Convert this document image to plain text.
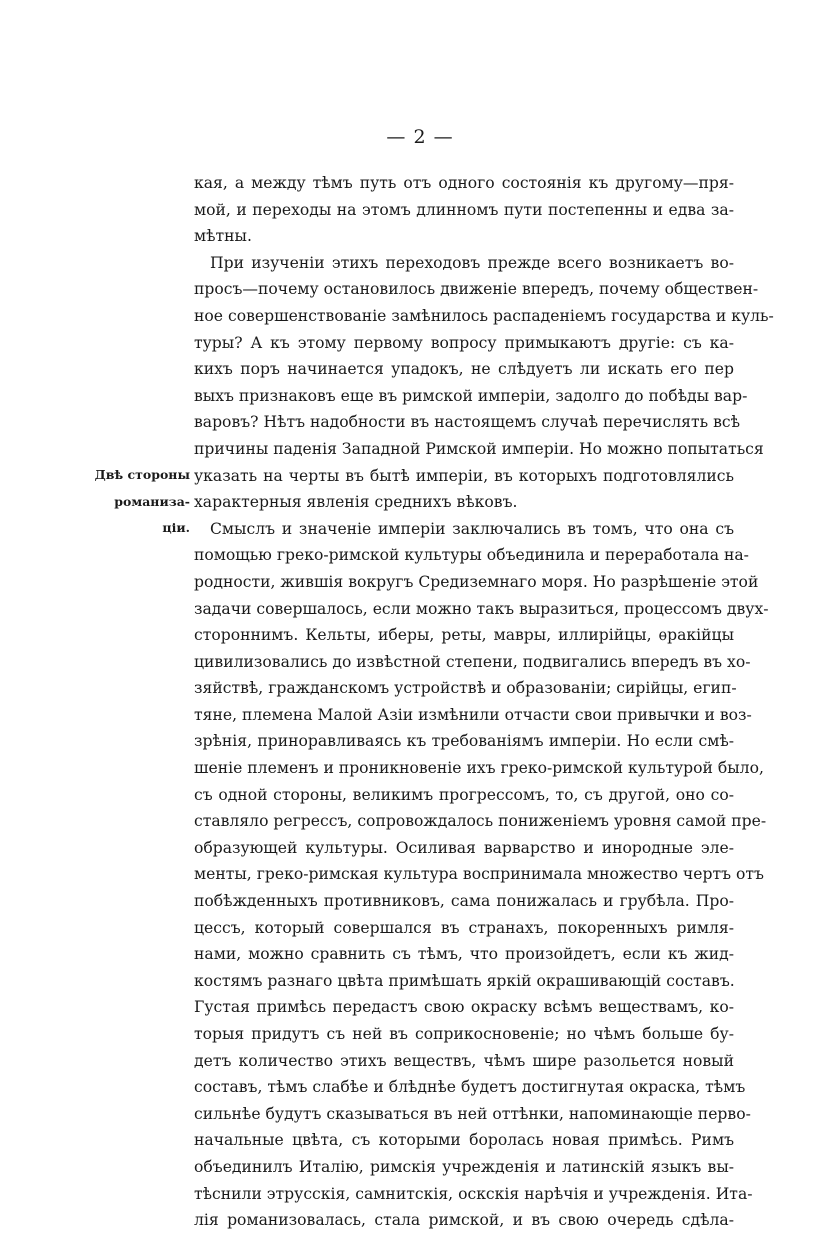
— 2 —
Двѣ стороны
романиза-
ціи.
кая, а между тѣмъ путь отъ одного состоянія къ другому—пря-
мой, и переходы на этомъ длинномъ пути постепенны и едва за-
мѣтны.
При изученіи этихъ переходовъ прежде всего возникаетъ во-
просъ—почему остановилось движеніе впередъ, почему обществен-
ное совершенствованіе замѣнилось распаденіемъ государства и куль-
туры? А къ этому первому вопросу примыкаютъ другіе: съ ка-
кихъ поръ начинается упадокъ, не слѣдуетъ ли искать его пер
выхъ признаковъ еще въ римской имперіи, задолго до побѣды вар-
варовъ? Нѣтъ надобности въ настоящемъ случаѣ перечислять всѣ
причины паденія Западной Римской имперіи. Но можно попытаться
указать на черты въ бытѣ имперіи, въ которыхъ подготовлялись
характерныя явленія среднихъ вѣковъ.
Смыслъ и значеніе имперіи заключались въ томъ, что она съ
помощью греко-римской культуры объединила и переработала на-
родности, жившія вокругъ Средиземнаго моря. Но разрѣшеніе этой
задачи совершалось, если можно такъ выразиться, процессомъ двух-
стороннимъ. Кельты, иберы, реты, мавры, иллирійцы, ѳракійцы
цивилизовались до извѣстной степени, подвигались впередъ въ хо-
зяйствѣ, гражданскомъ устройствѣ и образованіи; сирійцы, егип-
тяне, племена Малой Азіи измѣнили отчасти свои привычки и воз-
зрѣнія, приноравливаясь къ требованіямъ имперіи. Но если смѣ-
шеніе племенъ и проникновеніе ихъ греко-римской культурой было,
съ одной стороны, великимъ прогрессомъ, то, съ другой, оно со-
ставляло регрессъ, сопровождалось пониженіемъ уровня самой пре-
образующей культуры. Осиливая варварство и инородные эле-
менты, греко-римская культура воспринимала множество чертъ отъ
побѣжденныхъ противниковъ, сама понижалась и грубѣла. Про-
цессъ, который совершался въ странахъ, покоренныхъ римля-
нами, можно сравнить съ тѣмъ, что произойдетъ, если къ жид-
костямъ разнаго цвѣта примѣшать яркій окрашивающій составъ.
Густая примѣсь передастъ свою окраску всѣмъ веществамъ, ко-
торыя придутъ съ ней въ соприкосновеніе; но чѣмъ больше бу-
детъ количество этихъ веществъ, чѣмъ шире разольется новый
составъ, тѣмъ слабѣе и блѣднѣе будетъ достигнутая окраска, тѣмъ
сильнѣе будутъ сказываться въ ней оттѣнки, напоминающіе перво-
начальные цвѣта, съ которыми боролась новая примѣсь. Римъ
объединилъ Италію, римскія учрежденія и латинскій языкъ вы-
тѣснили этрусскія, самнитскія, оскскія нарѣчія и учрежденія. Ита-
лія романизовалась, стала римской, и въ свою очередь сдѣла-
